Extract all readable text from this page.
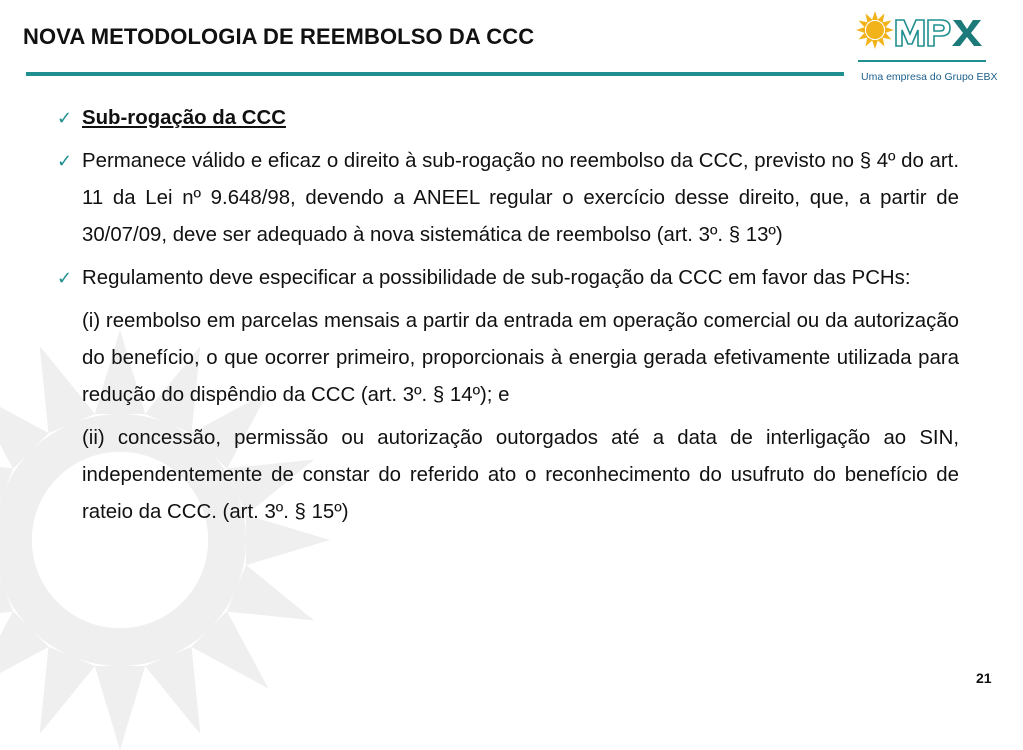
NOVA METODOLOGIA DE REEMBOLSO DA CCC
Uma empresa do Grupo EBX
✓ Sub-rogação da CCC
✓ Permanece válido e eficaz o direito à sub-rogação no reembolso da CCC, previsto no § 4º do art. 11 da Lei nº 9.648/98, devendo a ANEEL regular o exercício desse direito, que, a partir de 30/07/09, deve ser adequado à nova sistemática de reembolso (art. 3º. § 13º)
✓ Regulamento deve especificar a possibilidade de sub-rogação da CCC em favor das PCHs:
(i) reembolso em parcelas mensais a partir da entrada em operação comercial ou da autorização do benefício, o que ocorrer primeiro, proporcionais à energia gerada efetivamente utilizada para redução do dispêndio da CCC (art. 3º. § 14º); e
(ii) concessão, permissão ou autorização outorgados até a data de interligação ao SIN, independentemente de constar do referido ato o reconhecimento do usufruto do benefício de rateio da CCC. (art. 3º. § 15º)
21
